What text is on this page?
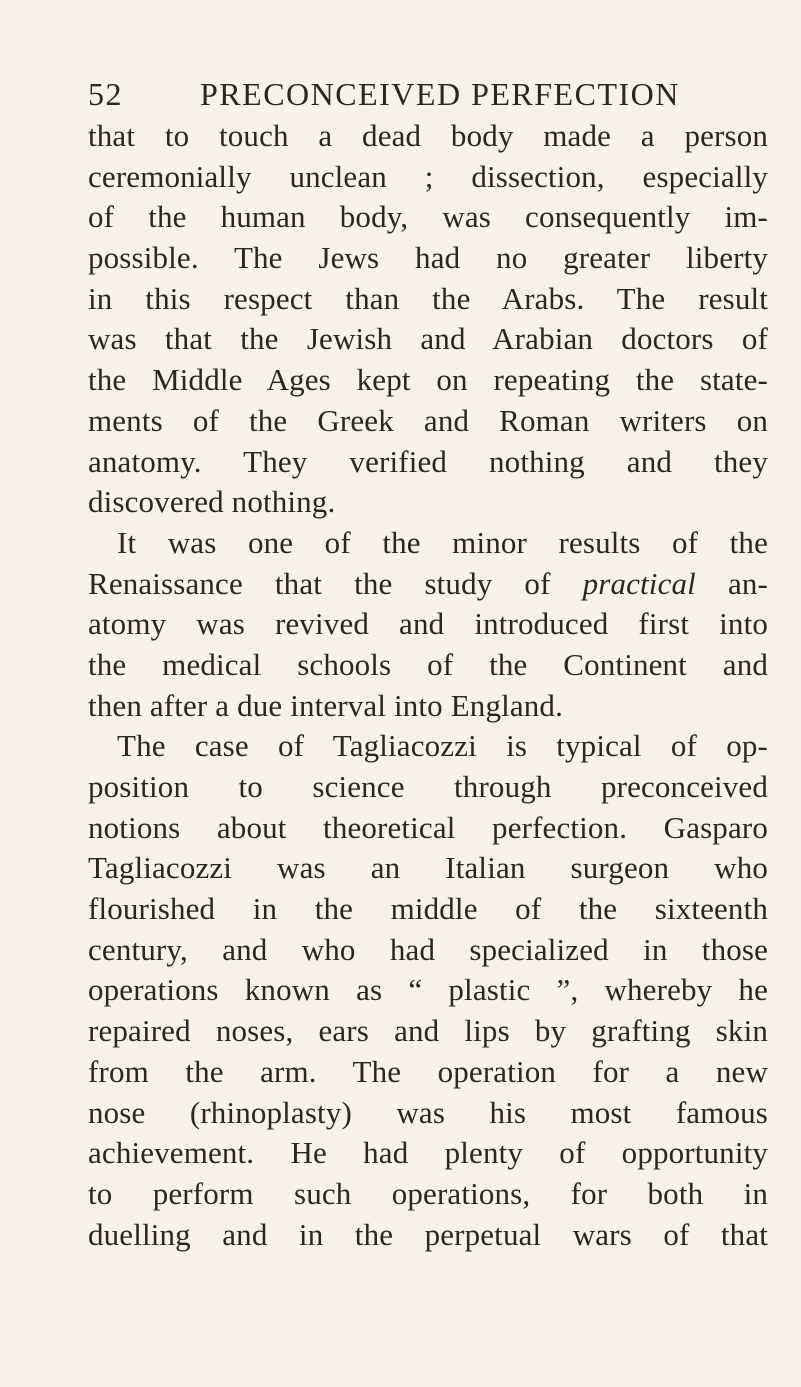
52 PRECONCEIVED PERFECTION
that to touch a dead body made a person
ceremonially unclean ; dissection, especially
of the human body, was consequently im-
possible. The Jews had no greater liberty
in this respect than the Arabs. The result
was that the Jewish and Arabian doctors of
the Middle Ages kept on repeating the state-
ments of the Greek and Roman writers on
anatomy. They verified nothing and they
discovered nothing.
It was one of the minor results of the
Renaissance that the study of practical an-
atomy was revived and introduced first into
the medical schools of the Continent and
then after a due interval into England.
The case of Tagliacozzi is typical of op-
position to science through preconceived
notions about theoretical perfection. Gasparo
Tagliacozzi was an Italian surgeon who
flourished in the middle of the sixteenth
century, and who had specialized in those
operations known as “ plastic ”, whereby he
repaired noses, ears and lips by grafting skin
from the arm. The operation for a new
nose (rhinoplasty) was his most famous
achievement. He had plenty of opportunity
to perform such operations, for both in
duelling and in the perpetual wars of that
